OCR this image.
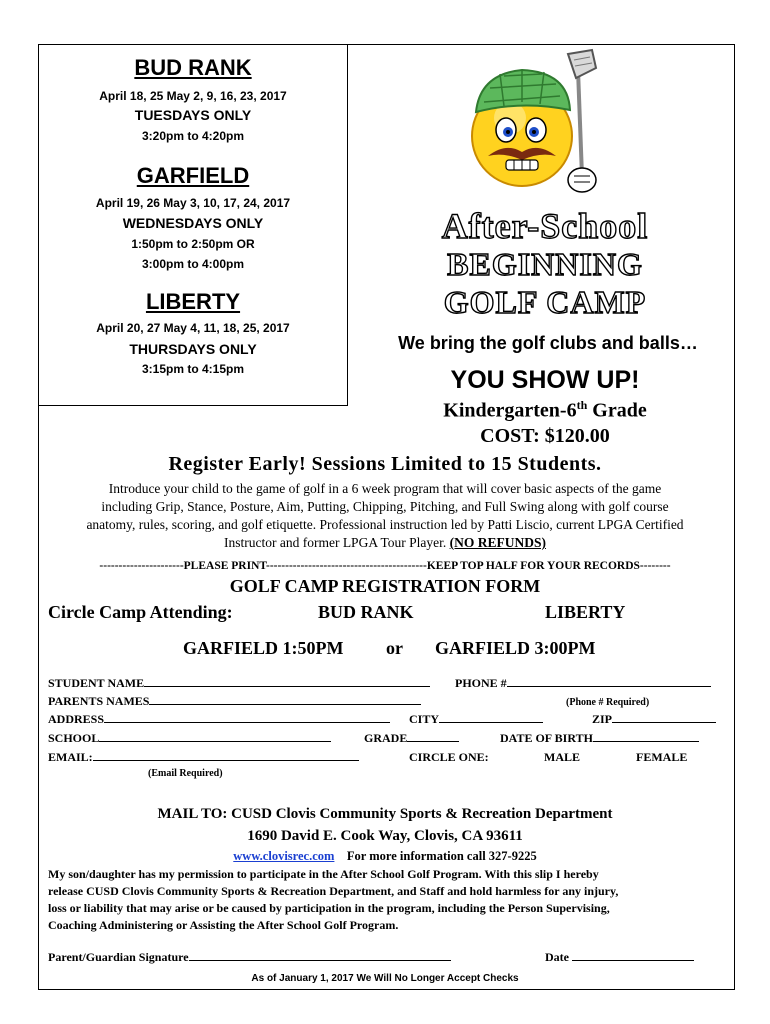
BUD RANK
April 18, 25 May 2, 9, 16, 23, 2017
TUESDAYS ONLY
3:20pm to 4:20pm
GARFIELD
April 19, 26 May 3, 10, 17, 24, 2017
WEDNESDAYS ONLY
1:50pm to 2:50pm OR
3:00pm to 4:00pm
LIBERTY
April 20, 27 May 4, 11, 18, 25, 2017
THURSDAYS ONLY
3:15pm to 4:15pm
After-School
BEGINNING
GOLF CAMP
We bring the golf clubs and balls…
YOU SHOW UP!
Kindergarten-6th Grade
COST: $120.00
Register Early! Sessions Limited to 15 Students.
Introduce your child to the game of golf in a 6 week program that will cover basic aspects of the game
including Grip, Stance, Posture, Aim, Putting, Chipping, Pitching, and Full Swing along with golf course
anatomy, rules, scoring, and golf etiquette. Professional instruction led by Patti Liscio, current LPGA Certified
Instructor and former LPGA Tour Player. (NO REFUNDS)
----------------------PLEASE PRINT------------------------------------------KEEP TOP HALF FOR YOUR RECORDS--------
GOLF CAMP REGISTRATION FORM
Circle Camp Attending:	BUD RANK	LIBERTY
GARFIELD 1:50PM or GARFIELD 3:00PM
STUDENT NAME	PHONE #
PARENTS NAMES	(Phone # Required)
ADDRESS	CITY	ZIP
SCHOOL	GRADE	DATE OF BIRTH
EMAIL:	CIRCLE ONE:	MALE	FEMALE
(Email Required)
MAIL TO: CUSD Clovis Community Sports & Recreation Department
1690 David E. Cook Way, Clovis, CA 93611
www.clovisrec.com For more information call 327-9225
My son/daughter has my permission to participate in the After School Golf Program. With this slip I hereby
release CUSD Clovis Community Sports & Recreation Department, and Staff and hold harmless for any injury,
loss or liability that may arise or be caused by participation in the program, including the Person Supervising,
Coaching Administering or Assisting the After School Golf Program.
Parent/Guardian Signature	Date
As of January 1, 2017 We Will No Longer Accept Checks
